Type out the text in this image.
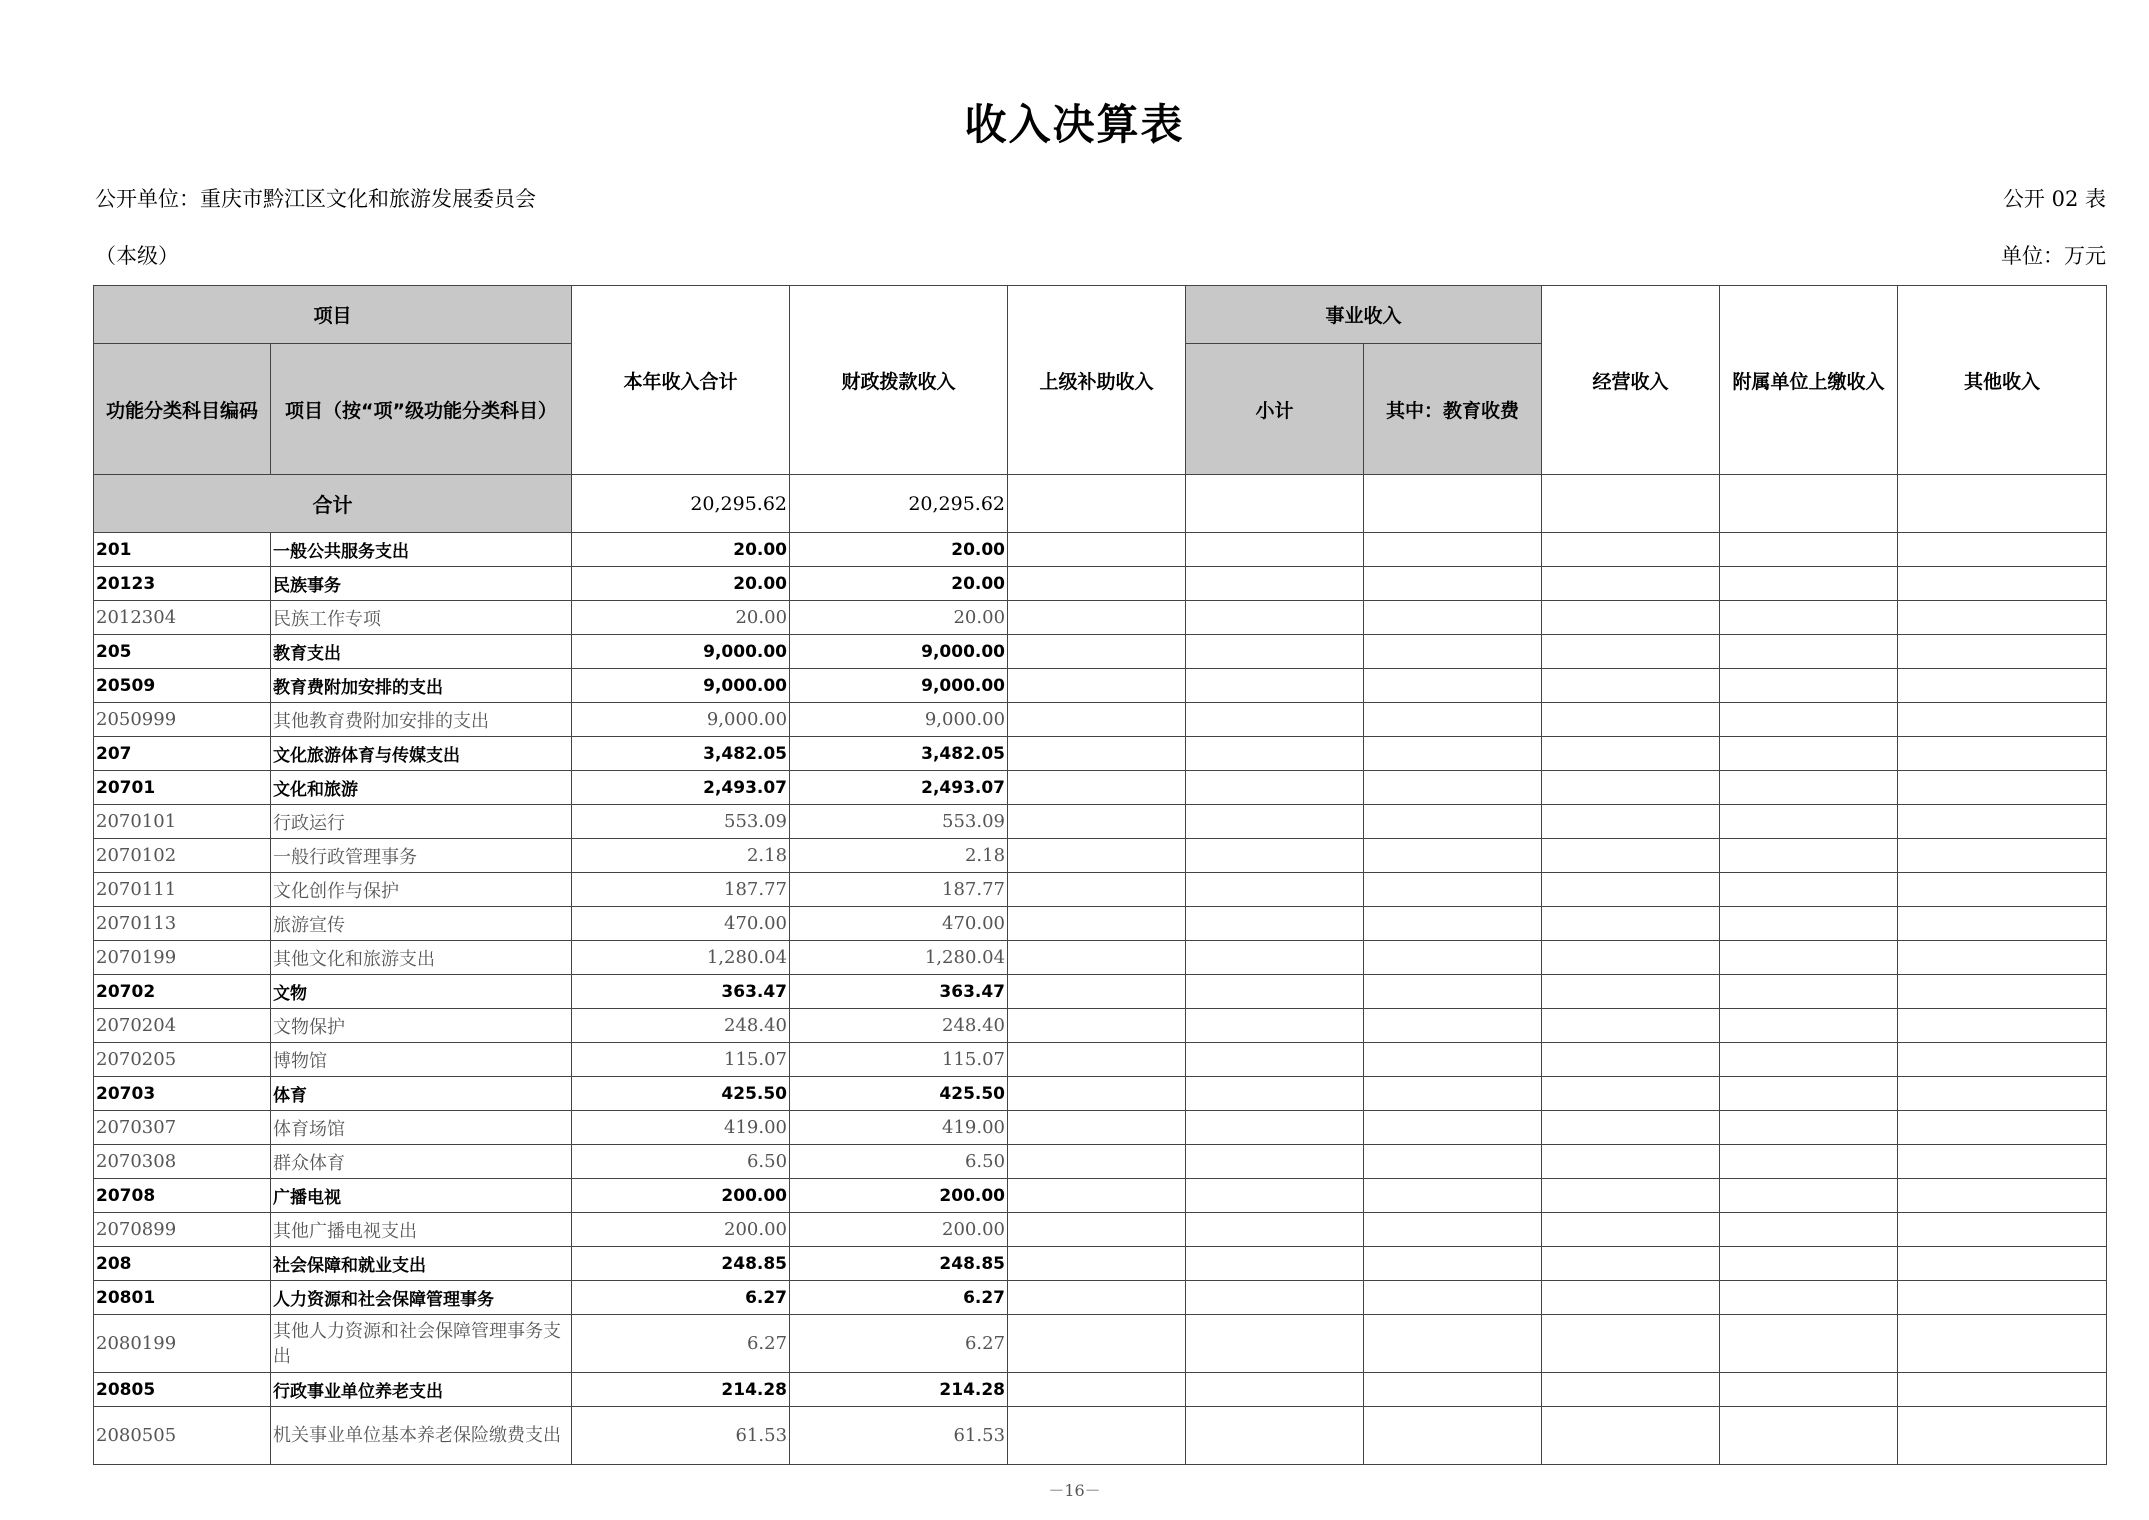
收入决算表
公开单位：重庆市黔江区文化和旅游发展委员会	公开 02 表
（本级）	单位：万元
项目		本年收入合计	财政拨款收入	上级补助收入	事业收入		经营收入	附属单位上缴收入	其他收入
功能分类科目编码	项目（按“项”级功能分类科目）				小计	其中：教育收费			
合计		20,295.62	20,295.62						
201	一般公共服务支出	20.00	20.00						
20123	民族事务	20.00	20.00						
2012304	民族工作专项	20.00	20.00						
205	教育支出	9,000.00	9,000.00						
20509	教育费附加安排的支出	9,000.00	9,000.00						
2050999	其他教育费附加安排的支出	9,000.00	9,000.00						
207	文化旅游体育与传媒支出	3,482.05	3,482.05						
20701	文化和旅游	2,493.07	2,493.07						
2070101	行政运行	553.09	553.09						
2070102	一般行政管理事务	2.18	2.18						
2070111	文化创作与保护	187.77	187.77						
2070113	旅游宣传	470.00	470.00						
2070199	其他文化和旅游支出	1,280.04	1,280.04						
20702	文物	363.47	363.47						
2070204	文物保护	248.40	248.40						
2070205	博物馆	115.07	115.07						
20703	体育	425.50	425.50						
2070307	体育场馆	419.00	419.00						
2070308	群众体育	6.50	6.50						
20708	广播电视	200.00	200.00						
2070899	其他广播电视支出	200.00	200.00						
208	社会保障和就业支出	248.85	248.85						
20801	人力资源和社会保障管理事务	6.27	6.27						
2080199	其他人力资源和社会保障管理事务支出	6.27	6.27						
20805	行政事业单位养老支出	214.28	214.28						
2080505	机关事业单位基本养老保险缴费支出	61.53	61.53						
－16－
